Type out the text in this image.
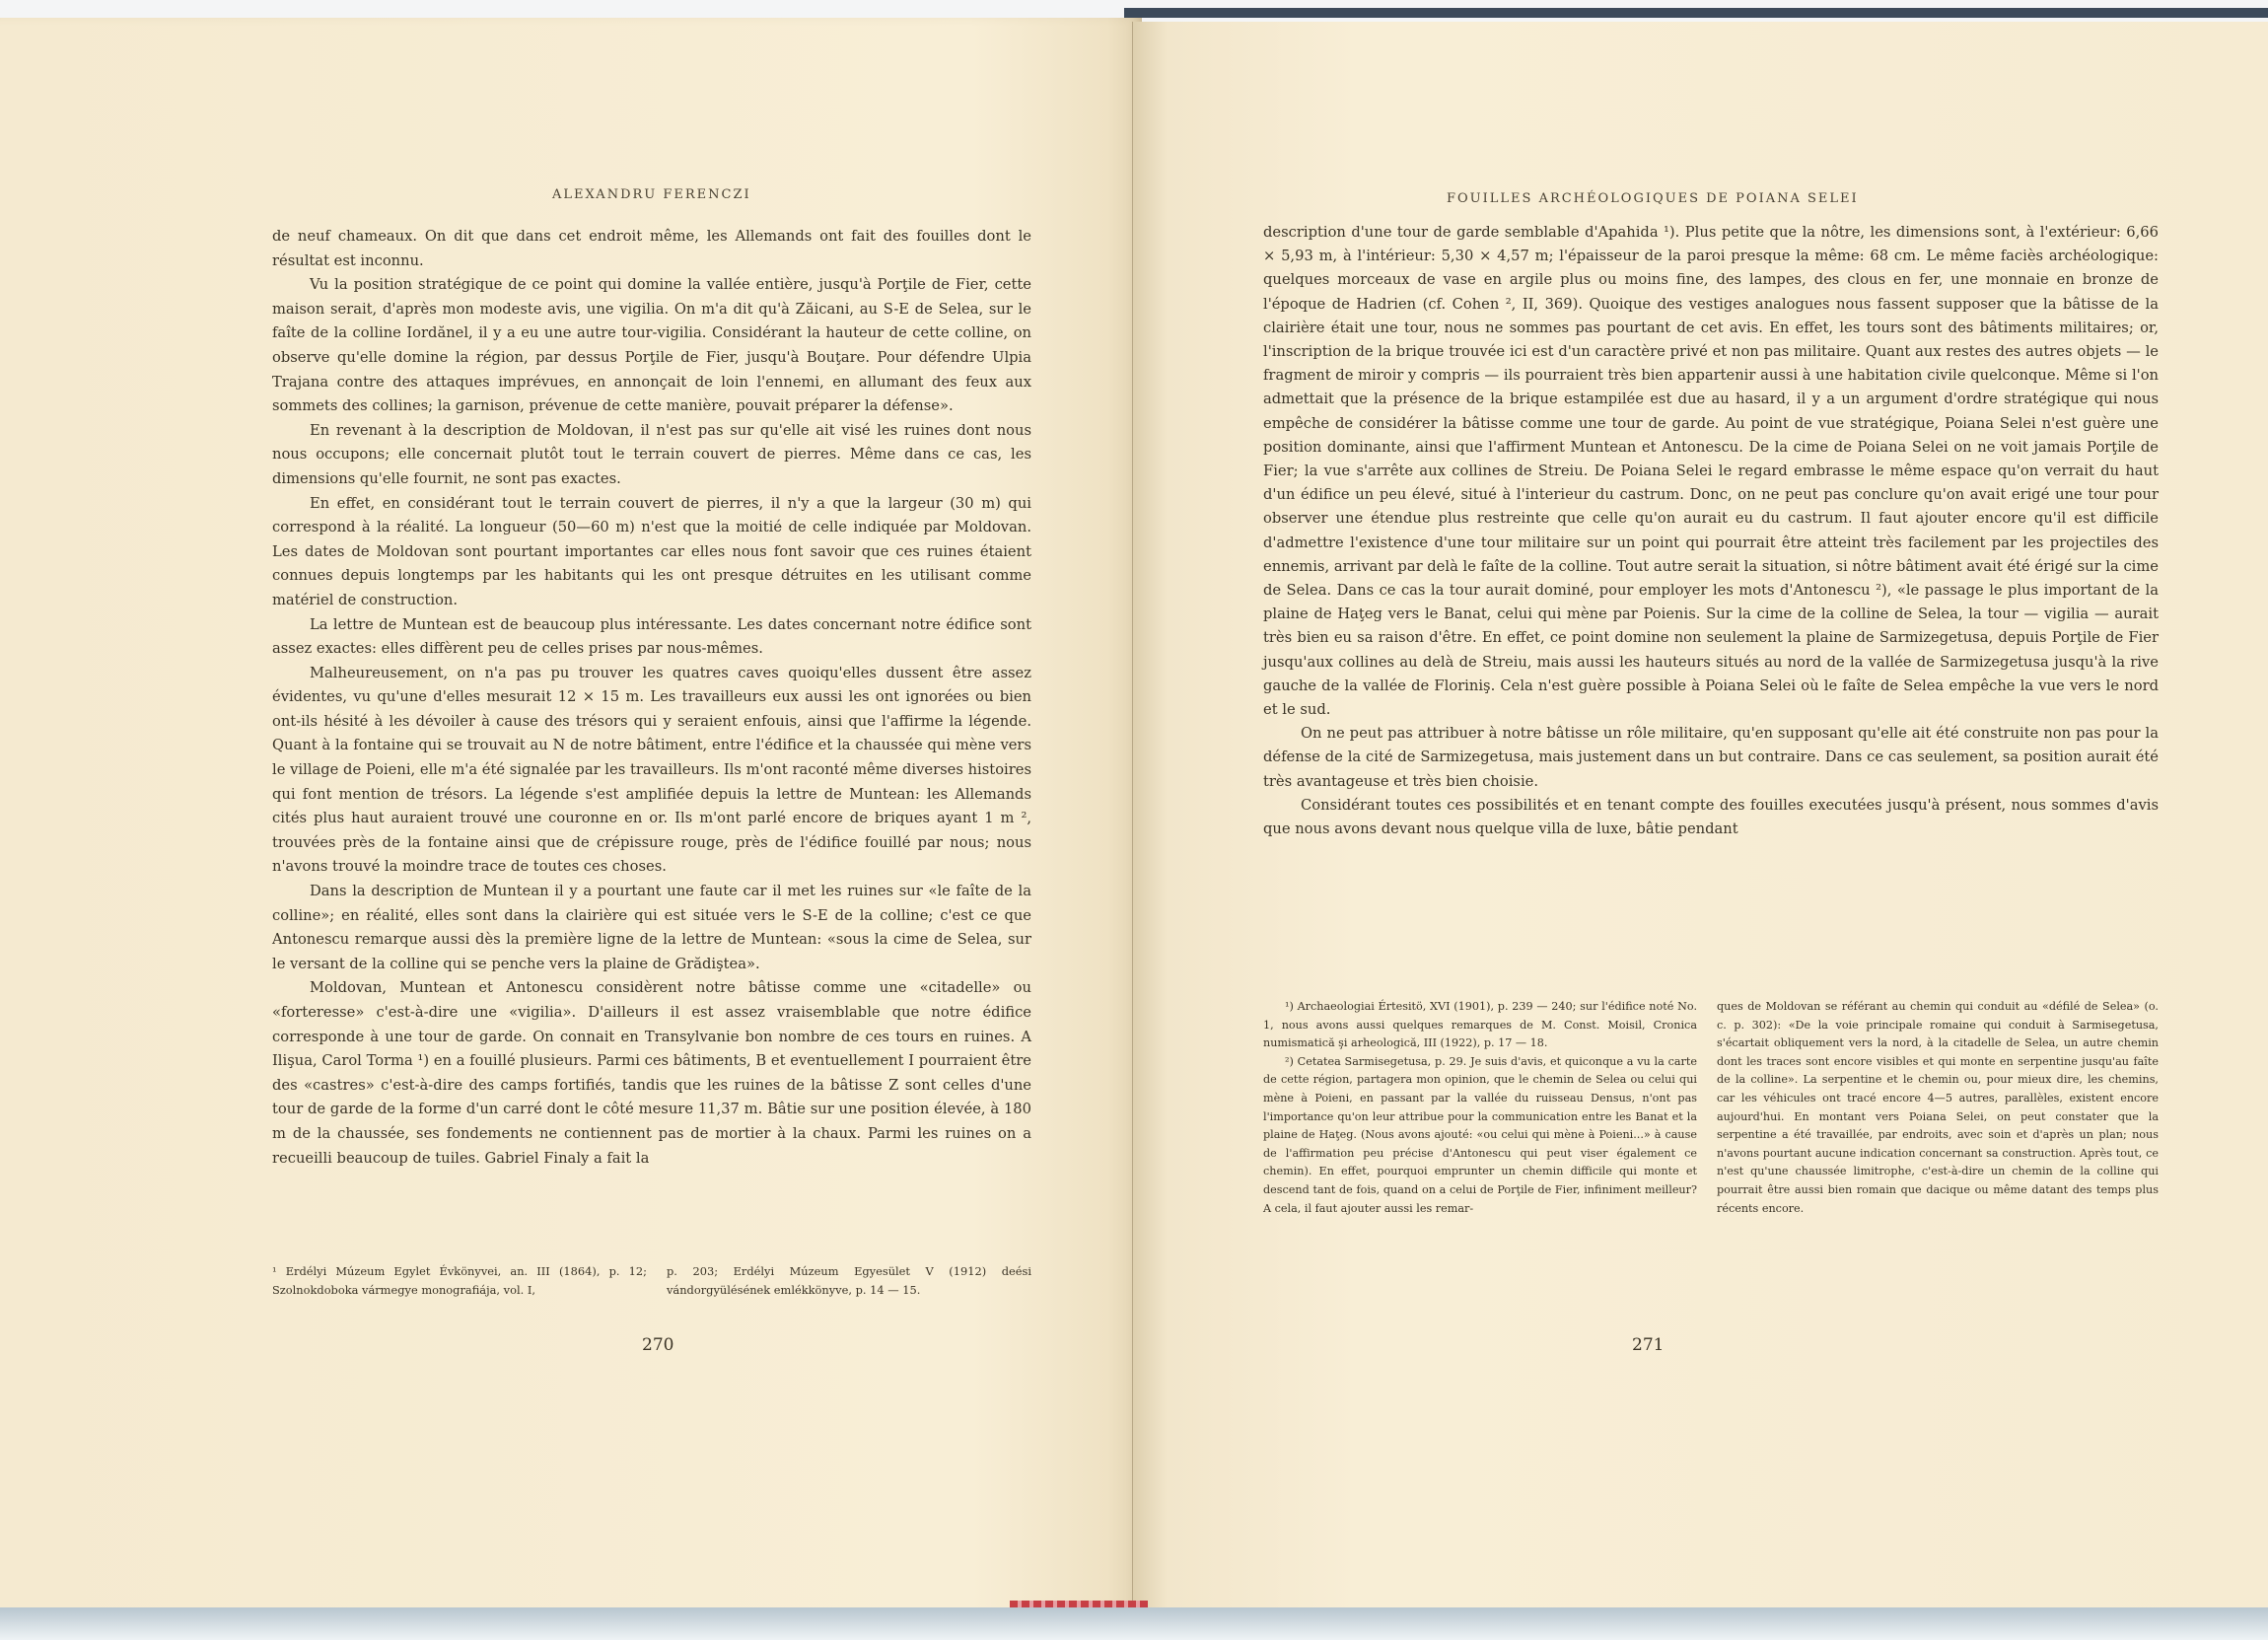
ALEXANDRU FERENCZI

de neuf chameaux. On dit que dans cet endroit même, les Allemands ont fait des fouilles dont le résultat est inconnu.

Vu la position stratégique de ce point qui domine la vallée entière, jusqu'à Porţile de Fier, cette maison serait, d'après mon modeste avis, une vigilia. On m'a dit qu'à Zăicani, au S-E de Selea, sur le faîte de la colline Iordănel, il y a eu une autre tour-vigilia. Considérant la hauteur de cette colline, on observe qu'elle domine la région, par dessus Porţile de Fier, jusqu'à Bouţare. Pour défendre Ulpia Trajana contre des attaques imprévues, en annonçait de loin l'ennemi, en allumant des feux aux sommets des collines; la garnison, prévenue de cette manière, pouvait préparer la défense».

En revenant à la description de Moldovan, il n'est pas sur qu'elle ait visé les ruines dont nous nous occupons; elle concernait plutôt tout le terrain couvert de pierres. Même dans ce cas, les dimensions qu'elle fournit, ne sont pas exactes.

En effet, en considérant tout le terrain couvert de pierres, il n'y a que la largeur (30 m) qui correspond à la réalité. La longueur (50—60 m) n'est que la moitié de celle indiquée par Moldovan. Les dates de Moldovan sont pourtant importantes car elles nous font savoir que ces ruines étaient connues depuis longtemps par les habitants qui les ont presque détruites en les utilisant comme matériel de construction.

La lettre de Muntean est de beaucoup plus intéressante. Les dates concernant notre édifice sont assez exactes: elles diffèrent peu de celles prises par nous-mêmes.

Malheureusement, on n'a pas pu trouver les quatres caves quoiqu'elles dussent être assez évidentes, vu qu'une d'elles mesurait 12 × 15 m. Les travailleurs eux aussi les ont ignorées ou bien ont-ils hésité à les dévoiler à cause des trésors qui y seraient enfouis, ainsi que l'affirme la légende. Quant à la fontaine qui se trouvait au N de notre bâtiment, entre l'édifice et la chaussée qui mène vers le village de Poieni, elle m'a été signalée par les travailleurs. Ils m'ont raconté même diverses histoires qui font mention de trésors. La légende s'est amplifiée depuis la lettre de Muntean: les Allemands cités plus haut auraient trouvé une couronne en or. Ils m'ont parlé encore de briques ayant 1 m ², trouvées près de la fontaine ainsi que de crépissure rouge, près de l'édifice fouillé par nous; nous n'avons trouvé la moindre trace de toutes ces choses.

Dans la description de Muntean il y a pourtant une faute car il met les ruines sur «le faîte de la colline»; en réalité, elles sont dans la clairière qui est située vers le S-E de la colline; c'est ce que Antonescu remarque aussi dès la première ligne de la lettre de Muntean: «sous la cime de Selea, sur le versant de la colline qui se penche vers la plaine de Grădiştea».

Moldovan, Muntean et Antonescu considèrent notre bâtisse comme une «citadelle» ou «forteresse» c'est-à-dire une «vigilia». D'ailleurs il est assez vraisemblable que notre édifice corresponde à une tour de garde. On connait en Transylvanie bon nombre de ces tours en ruines. A Ilişua, Carol Torma ¹) en a fouillé plusieurs. Parmi ces bâtiments, B et eventuellement I pourraient être des «castres» c'est-à-dire des camps fortifiés, tandis que les ruines de la bâtisse Z sont celles d'une tour de garde de la forme d'un carré dont le côté mesure 11,37 m. Bâtie sur une position élevée, à 180 m de la chaussée, ses fondements ne contiennent pas de mortier à la chaux. Parmi les ruines on a recueilli beaucoup de tuiles. Gabriel Finaly a fait la

¹ Erdélyi Múzeum Egylet Évkönyvei, an. III (1864), p. 12; Szolnokdoboka vármegye monografiája, vol. I,

p. 203; Erdélyi Múzeum Egyesület V (1912) deési vándorgyülésének emlékkönyve, p. 14 — 15.

270
FOUILLES ARCHÉOLOGIQUES DE POIANA SELEI

description d'une tour de garde semblable d'Apahida ¹). Plus petite que la nôtre, les dimensions sont, à l'extérieur: 6,66 × 5,93 m, à l'intérieur: 5,30 × 4,57 m; l'épaisseur de la paroi presque la même: 68 cm. Le même faciès archéologique: quelques morceaux de vase en argile plus ou moins fine, des lampes, des clous en fer, une monnaie en bronze de l'époque de Hadrien (cf. Cohen ², II, 369). Quoique des vestiges analogues nous fassent supposer que la bâtisse de la clairière était une tour, nous ne sommes pas pourtant de cet avis. En effet, les tours sont des bâtiments militaires; or, l'inscription de la brique trouvée ici est d'un caractère privé et non pas militaire. Quant aux restes des autres objets — le fragment de miroir y compris — ils pourraient très bien appartenir aussi à une habitation civile quelconque. Même si l'on admettait que la présence de la brique estampilée est due au hasard, il y a un argument d'ordre stratégique qui nous empêche de considérer la bâtisse comme une tour de garde. Au point de vue stratégique, Poiana Selei n'est guère une position dominante, ainsi que l'affirment Muntean et Antonescu. De la cime de Poiana Selei on ne voit jamais Porţile de Fier; la vue s'arrête aux collines de Streiu. De Poiana Selei le regard embrasse le même espace qu'on verrait du haut d'un édifice un peu élevé, situé à l'interieur du castrum. Donc, on ne peut pas conclure qu'on avait erigé une tour pour observer une étendue plus restreinte que celle qu'on aurait eu du castrum. Il faut ajouter encore qu'il est difficile d'admettre l'existence d'une tour militaire sur un point qui pourrait être atteint très facilement par les projectiles des ennemis, arrivant par delà le faîte de la colline. Tout autre serait la situation, si nôtre bâtiment avait été érigé sur la cime de Selea. Dans ce cas la tour aurait dominé, pour employer les mots d'Antonescu ²), «le passage le plus important de la plaine de Haţeg vers le Banat, celui qui mène par Poienis. Sur la cime de la colline de Selea, la tour — vigilia — aurait très bien eu sa raison d'être. En effet, ce point domine non seulement la plaine de Sarmizegetusa, depuis Porţile de Fier jusqu'aux collines au delà de Streiu, mais aussi les hauteurs situés au nord de la vallée de Sarmizegetusa jusqu'à la rive gauche de la vallée de Floriniş. Cela n'est guère possible à Poiana Selei où le faîte de Selea empêche la vue vers le nord et le sud.

On ne peut pas attribuer à notre bâtisse un rôle militaire, qu'en supposant qu'elle ait été construite non pas pour la défense de la cité de Sarmizegetusa, mais justement dans un but contraire. Dans ce cas seulement, sa position aurait été très avantageuse et très bien choisie.

Considérant toutes ces possibilités et en tenant compte des fouilles executées jusqu'à présent, nous sommes d'avis que nous avons devant nous quelque villa de luxe, bâtie pendant

¹) Archaeologiai Értesitö, XVI (1901), p. 239 — 240; sur l'édifice noté No. 1, nous avons aussi quelques remarques de M. Const. Moisil, Cronica numismatică şi arheologică, III (1922), p. 17 — 18.

²) Cetatea Sarmisegetusa, p. 29. Je suis d'avis, et quiconque a vu la carte de cette région, partagera mon opinion, que le chemin de Selea ou celui qui mène à Poieni, en passant par la vallée du ruisseau Densus, n'ont pas l'importance qu'on leur attribue pour la communication entre les Banat et la plaine de Haţeg. (Nous avons ajouté: «ou celui qui mène à Poieni...» à cause de l'affirmation peu précise d'Antonescu qui peut viser également ce chemin). En effet, pourquoi emprunter un chemin difficile qui monte et descend tant de fois, quand on a celui de Porţile de Fier, infiniment meilleur? A cela, il faut ajouter aussi les remar-

ques de Moldovan se référant au chemin qui conduit au «défilé de Selea» (o. c. p. 302): «De la voie principale romaine qui conduit à Sarmisegetusa, s'écartait obliquement vers la nord, à la citadelle de Selea, un autre chemin dont les traces sont encore visibles et qui monte en serpentine jusqu'au faîte de la colline». La serpentine et le chemin ou, pour mieux dire, les chemins, car les véhicules ont tracé encore 4—5 autres, parallèles, existent encore aujourd'hui. En montant vers Poiana Selei, on peut constater que la serpentine a été travaillée, par endroits, avec soin et d'après un plan; nous n'avons pourtant aucune indication concernant sa construction. Après tout, ce n'est qu'une chaussée limitrophe, c'est-à-dire un chemin de la colline qui pourrait être aussi bien romain que dacique ou même datant des temps plus récents encore.

271
